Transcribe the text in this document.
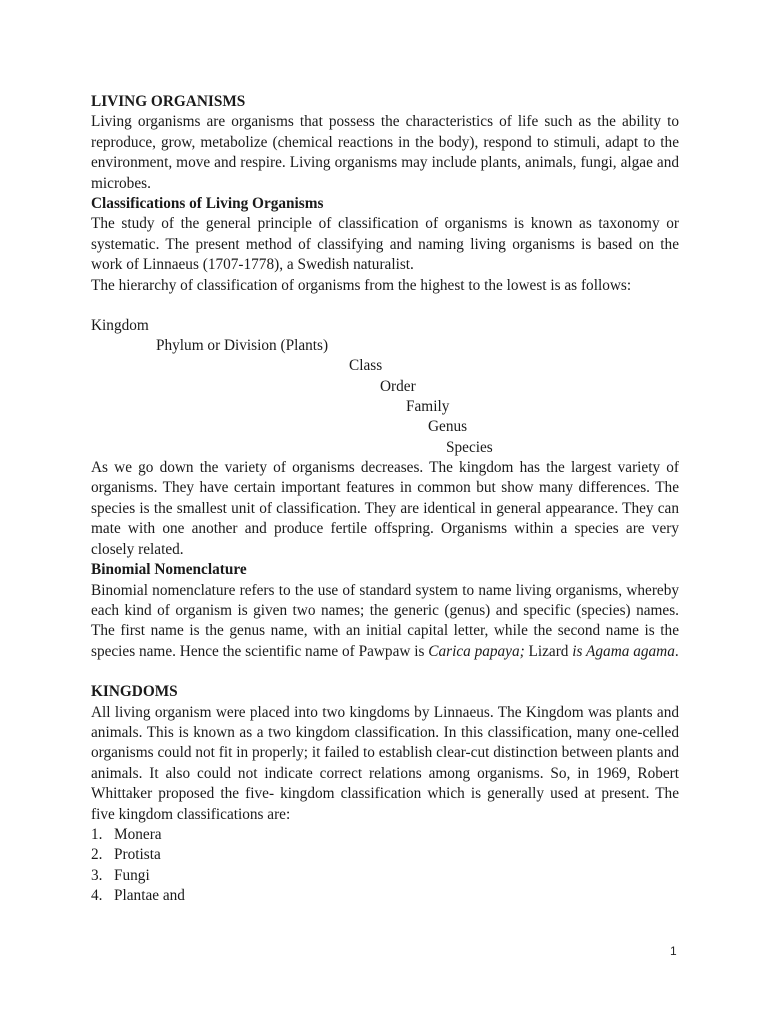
LIVING ORGANISMS
Living organisms are organisms that possess the characteristics of life such as the ability to reproduce, grow, metabolize (chemical reactions in the body), respond to stimuli, adapt to the environment, move and respire. Living organisms may include plants, animals, fungi, algae and microbes.
Classifications of Living Organisms
The study of the general principle of classification of organisms is known as taxonomy or systematic. The present method of classifying and naming living organisms is based on the work of Linnaeus (1707-1778), a Swedish naturalist.
The hierarchy of classification of organisms from the highest to the lowest is as follows:
Kingdom
Phylum or Division (Plants)
Class
Order
Family
Genus
Species
As we go down the variety of organisms decreases. The kingdom has the largest variety of organisms. They have certain important features in common but show many differences. The species is the smallest unit of classification. They are identical in general appearance. They can mate with one another and produce fertile offspring. Organisms within a species are very closely related.
Binomial Nomenclature
Binomial nomenclature refers to the use of standard system to name living organisms, whereby each kind of organism is given two names; the generic (genus) and specific (species) names. The first name is the genus name, with an initial capital letter, while the second name is the species name. Hence the scientific name of Pawpaw is Carica papaya; Lizard is Agama agama.
KINGDOMS
All living organism were placed into two kingdoms by Linnaeus. The Kingdom was plants and animals. This is known as a two kingdom classification. In this classification, many one-celled organisms could not fit in properly; it failed to establish clear-cut distinction between plants and animals. It also could not indicate correct relations among organisms. So, in 1969, Robert Whittaker proposed the five- kingdom classification which is generally used at present. The five kingdom classifications are:
1. Monera
2. Protista
3. Fungi
4. Plantae and
1
